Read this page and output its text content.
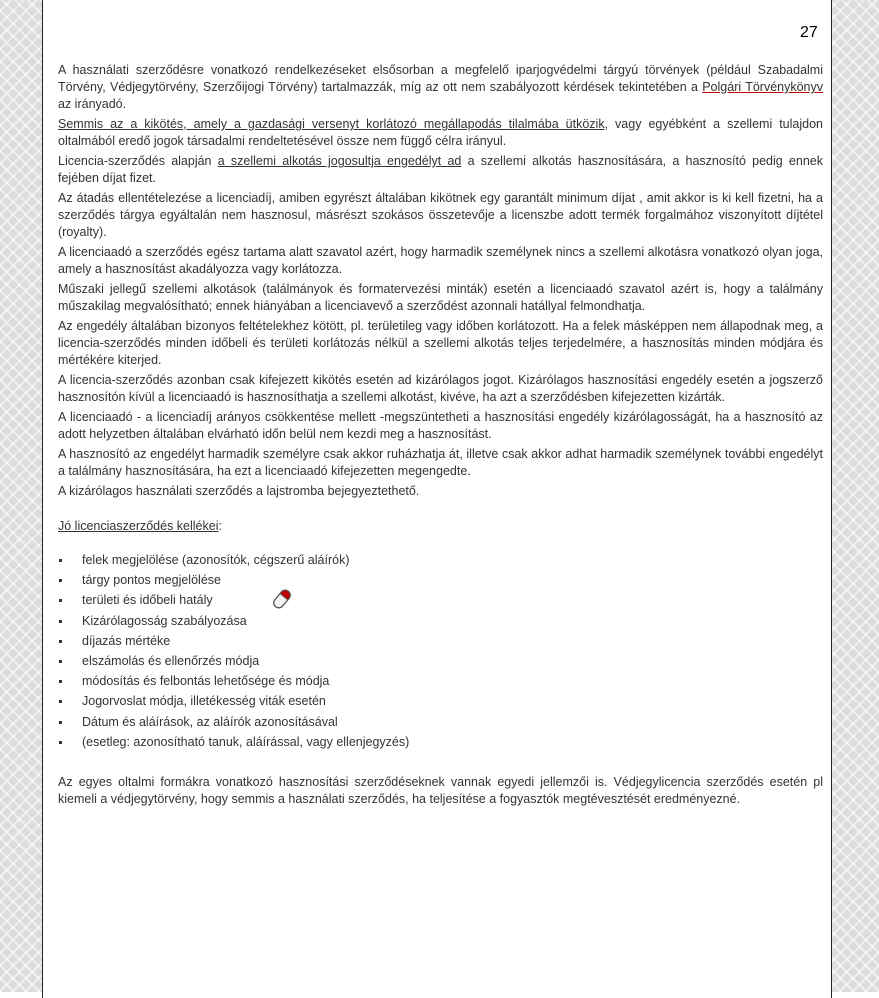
27

A használati szerződésre vonatkozó rendelkezéseket elsősorban a megfelelő iparjogvédelmi tárgyú törvények (például Szabadalmi Törvény, Védjegytörvény, Szerzőijogi Törvény) tartalmazzák, míg az ott nem szabályozott kérdések tekintetében a Polgári Törvénykönyv az irányadó.

Semmis az a kikötés, amely a gazdasági versenyt korlátozó megállapodás tilalmába ütközik, vagy egyébként a szellemi tulajdon oltalmából eredő jogok társadalmi rendeltetésével össze nem függő célra irányul.

Licencia-szerződés alapján a szellemi alkotás jogosultja engedélyt ad a szellemi alkotás hasznosítására, a hasznosító pedig ennek fejében díjat fizet.

Az átadás ellentételezése a licenciadíj, amiben egyrészt általában kikötnek egy garantált minimum díjat , amit akkor is ki kell fizetni, ha a szerződés tárgya egyáltalán nem hasznosul, másrészt szokásos összetevője a licenszbe adott termék forgalmához viszonyított díjtétel (royalty).

A licenciaadó a szerződés egész tartama alatt szavatol azért, hogy harmadik személynek nincs a szellemi alkotásra vonatkozó olyan joga, amely a hasznosítást akadályozza vagy korlátozza.

Műszaki jellegű szellemi alkotások (találmányok és formatervezési minták) esetén a licenciaadó szavatol azért is, hogy a találmány műszakilag megvalósítható; ennek hiányában a licenciavevő a szerződést azonnali hatállyal felmondhatja.

Az engedély általában bizonyos feltételekhez kötött, pl. területileg vagy időben korlátozott. Ha a felek másképpen nem állapodnak meg, a licencia-szerződés minden időbeli és területi korlátozás nélkül a szellemi alkotás teljes terjedelmére, a hasznosítás minden módjára és mértékére kiterjed.

A licencia-szerződés azonban csak kifejezett kikötés esetén ad kizárólagos jogot. Kizárólagos hasznosítási engedély esetén a jogszerző hasznosítón kívül a licenciaadó is hasznosíthatja a szellemi alkotást, kivéve, ha azt a szerződésben kifejezetten kizárták.

A licenciaadó - a licenciadíj arányos csökkentése mellett -megszüntetheti a hasznosítási engedély kizárólagosságát, ha a hasznosító az adott helyzetben általában elvárható időn belül nem kezdi meg a hasznosítást.

A hasznosító az engedélyt harmadik személyre csak akkor ruházhatja át, illetve csak akkor adhat harmadik személynek további engedélyt a találmány hasznosítására, ha ezt a licenciaadó kifejezetten megengedte.

A kizárólagos használati szerződés a lajstromba bejegyeztethető.

Jó licenciaszerződés kellékei:

felek megjelölése (azonosítók, cégszerű aláírók)
tárgy pontos megjelölése
területi és időbeli hatály
Kizárólagosság szabályozása
díjazás mértéke
elszámolás és ellenőrzés módja
módosítás és felbontás lehetősége és módja
Jogorvoslat módja, illetékesség viták esetén
Dátum és aláírások, az aláírók azonosításával
(esetleg: azonosítható tanuk, aláírással, vagy ellenjegyzés)

Az egyes oltalmi formákra vonatkozó hasznosítási szerződéseknek vannak egyedi jellemzői is. Védjegylicencia szerződés esetén pl kiemeli a védjegytörvény, hogy semmis a használati szerződés, ha teljesítése a fogyasztók megtévesztését eredményezné.
